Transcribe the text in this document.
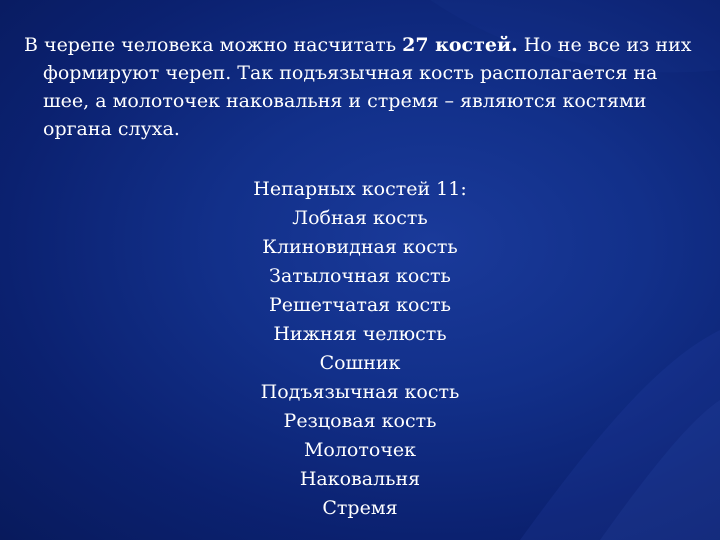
В черепе человека можно насчитать 27 костей. Но не все из них формируют череп. Так подъязычная кость располагается на шее, а молоточек наковальня и стремя – являются костями органа слуха.
Непарных костей 11:
Лобная кость
Клиновидная кость
Затылочная кость
Решетчатая кость
Нижняя челюсть
Сошник
Подъязычная кость
Резцовая кость
Молоточек
Наковальня
Стремя
